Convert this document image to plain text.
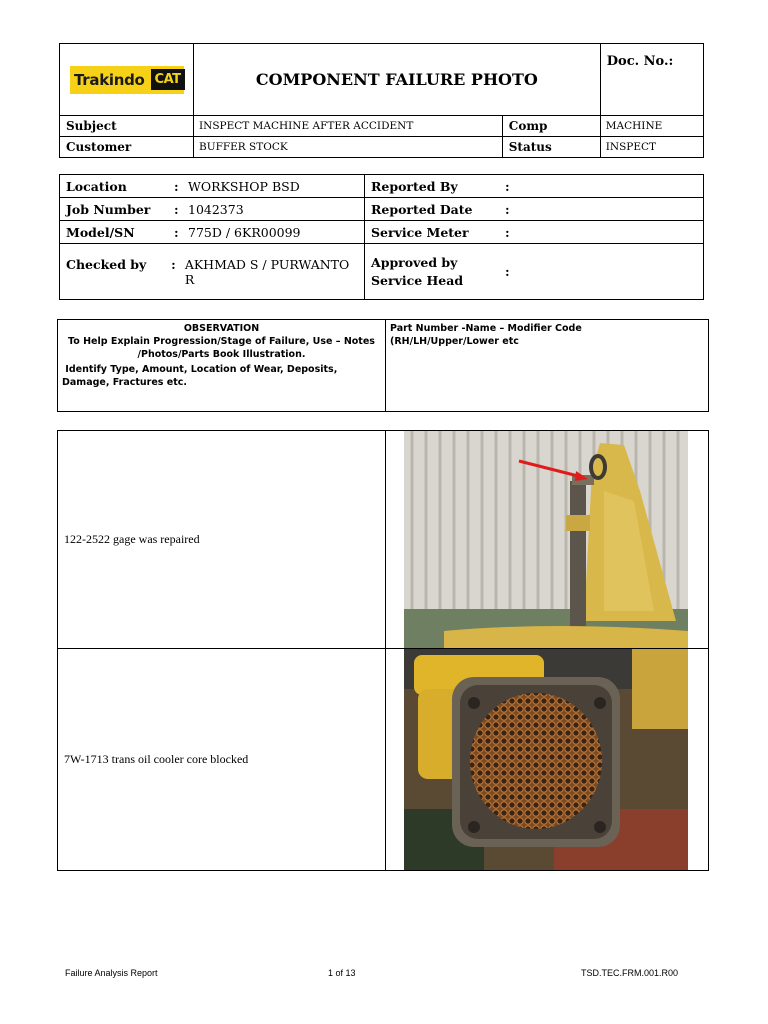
Trakindo CAT	COMPONENT FAILURE PHOTO		Doc. No.:
Subject	INSPECT MACHINE AFTER ACCIDENT	Comp	MACHINE
Customer	BUFFER STOCK	Status	INSPECT
Location : WORKSHOP BSD	Reported By :

Job Number : 1042373	Reported Date :

Model/SN : 775D / 6KR00099	Service Meter :

Checked by : AKHMAD S / PURWANTO R	Approved by
Service Head
:
OBSERVATION
To Help Explain Progression/Stage of Failure, Use – Notes
/Photos/Parts Book Illustration.
Identify Type, Amount, Location of Wear, Deposits,
Damage, Fractures etc.

Part Number -Name – Modifier Code
(RH/LH/Upper/Lower etc
122-2522 gage was repaired	

7W-1713 trans oil cooler core blocked	
Failure Analysis Report	1 of 13	TSD.TEC.FRM.001.R00
